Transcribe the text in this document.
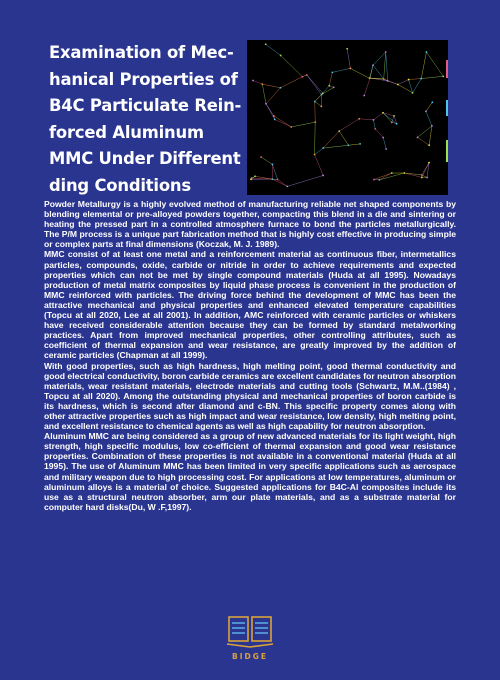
Examination of Mec-
hanical Properties of
B4C Particulate Rein-
forced Aluminum
MMC Under Different
ding Conditions

Powder Metallurgy is a highly evolved method of manufacturing reliable net shaped components by blending elemental or pre-alloyed powders together, compacting this blend in a die and sintering or heating the pressed part in a controlled atmosphere furnace to bond the particles metallurgically. The P/M process is a unique part fabrication method that is highly cost effective in producing simple or complex parts at final dimensions (Koczak, M. J. 1989).

MMC consist of at least one metal and a reinforcement material as continuous fiber, intermetallics particles, compounds, oxide, carbide or nitride in order to achieve requirements and expected properties which can not be met by single compound materials (Huda at all 1995). Nowadays production of metal matrix composites by liquid phase process is convenient in the production of MMC reinforced with particles. The driving force behind the development of MMC has been the attractive mechanical and physical properties and enhanced elevated temperature capabilities (Topcu at all 2020, Lee at all 2001). In addition, AMC reinforced with ceramic particles or whiskers have received considerable attention because they can be formed by standard metalworking practices. Apart from improved mechanical properties, other controlling attributes, such as coefficient of thermal expansion and wear resistance, are greatly improved by the addition of ceramic particles (Chapman at all 1999).

With good properties, such as high hardness, high melting point, good thermal conductivity and good electrical conductivity, boron carbide ceramics are excellent candidates for neutron absorption materials, wear resistant materials, electrode materials and cutting tools (Schwartz, M.M..(1984) , Topcu at all 2020). Among the outstanding physical and mechanical properties of boron carbide is its hardness, which is second after diamond and c-BN. This specific property comes along with other attractive properties such as high impact and wear resistance, low density, high melting point, and excellent resistance to chemical agents as well as high capability for neutron absorption.

Aluminum MMC are being considered as a group of new advanced materials for its light weight, high strength, high specific modulus, low co-efficient of thermal expansion and good wear resistance properties. Combination of these properties is not available in a conventional material (Huda at all 1995). The use of Aluminum MMC has been limited in very specific applications such as aerospace and military weapon due to high processing cost. For applications at low temperatures, aluminum or aluminum alloys is a material of choice. Suggested applications for B4C-Al composites include its use as a structural neutron absorber, arm our plate materials, and as a substrate material for computer hard disks(Du, W .F,1997).

BIDGE
